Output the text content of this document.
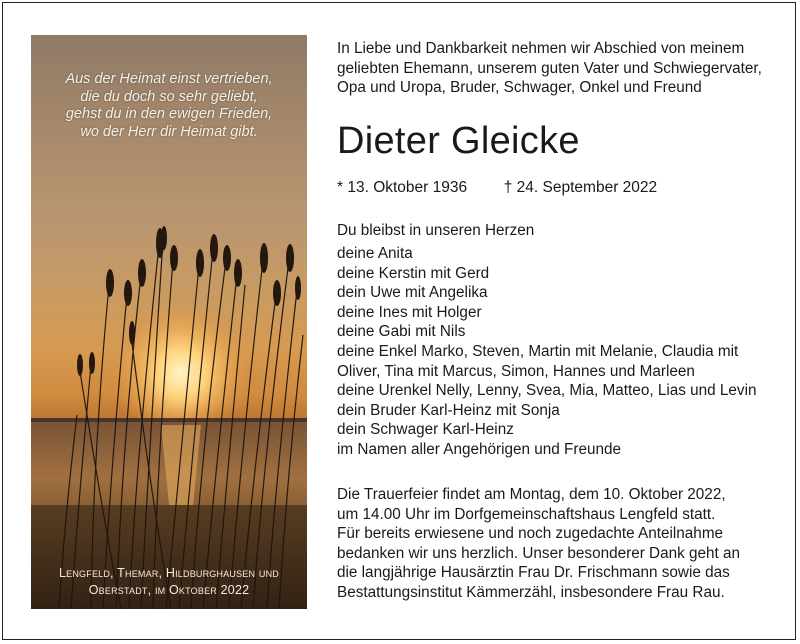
Aus der Heimat einst vertrieben,
die du doch so sehr geliebt,
gehst du in den ewigen Frieden,
wo der Herr dir Heimat gibt.
Lengfeld, Themar, Hildburghausen und
Oberstadt, im Oktober 2022
In Liebe und Dankbarkeit nehmen wir Abschied von meinem
geliebten Ehemann, unserem guten Vater und Schwiegervater,
Opa und Uropa, Bruder, Schwager, Onkel und Freund
Dieter Gleicke
* 13. Oktober 1936 † 24. September 2022
Du bleibst in unseren Herzen
deine Anita
deine Kerstin mit Gerd
dein Uwe mit Angelika
deine Ines mit Holger
deine Gabi mit Nils
deine Enkel Marko, Steven, Martin mit Melanie, Claudia mit
Oliver, Tina mit Marcus, Simon, Hannes und Marleen
deine Urenkel Nelly, Lenny, Svea, Mia, Matteo, Lias und Levin
dein Bruder Karl-Heinz mit Sonja
dein Schwager Karl-Heinz
im Namen aller Angehörigen und Freunde
Die Trauerfeier findet am Montag, dem 10. Oktober 2022,
um 14.00 Uhr im Dorfgemeinschaftshaus Lengfeld statt.
Für bereits erwiesene und noch zugedachte Anteilnahme
bedanken wir uns herzlich. Unser besonderer Dank geht an
die langjährige Hausärztin Frau Dr. Frischmann sowie das
Bestattungsinstitut Kämmerzähl, insbesondere Frau Rau.
